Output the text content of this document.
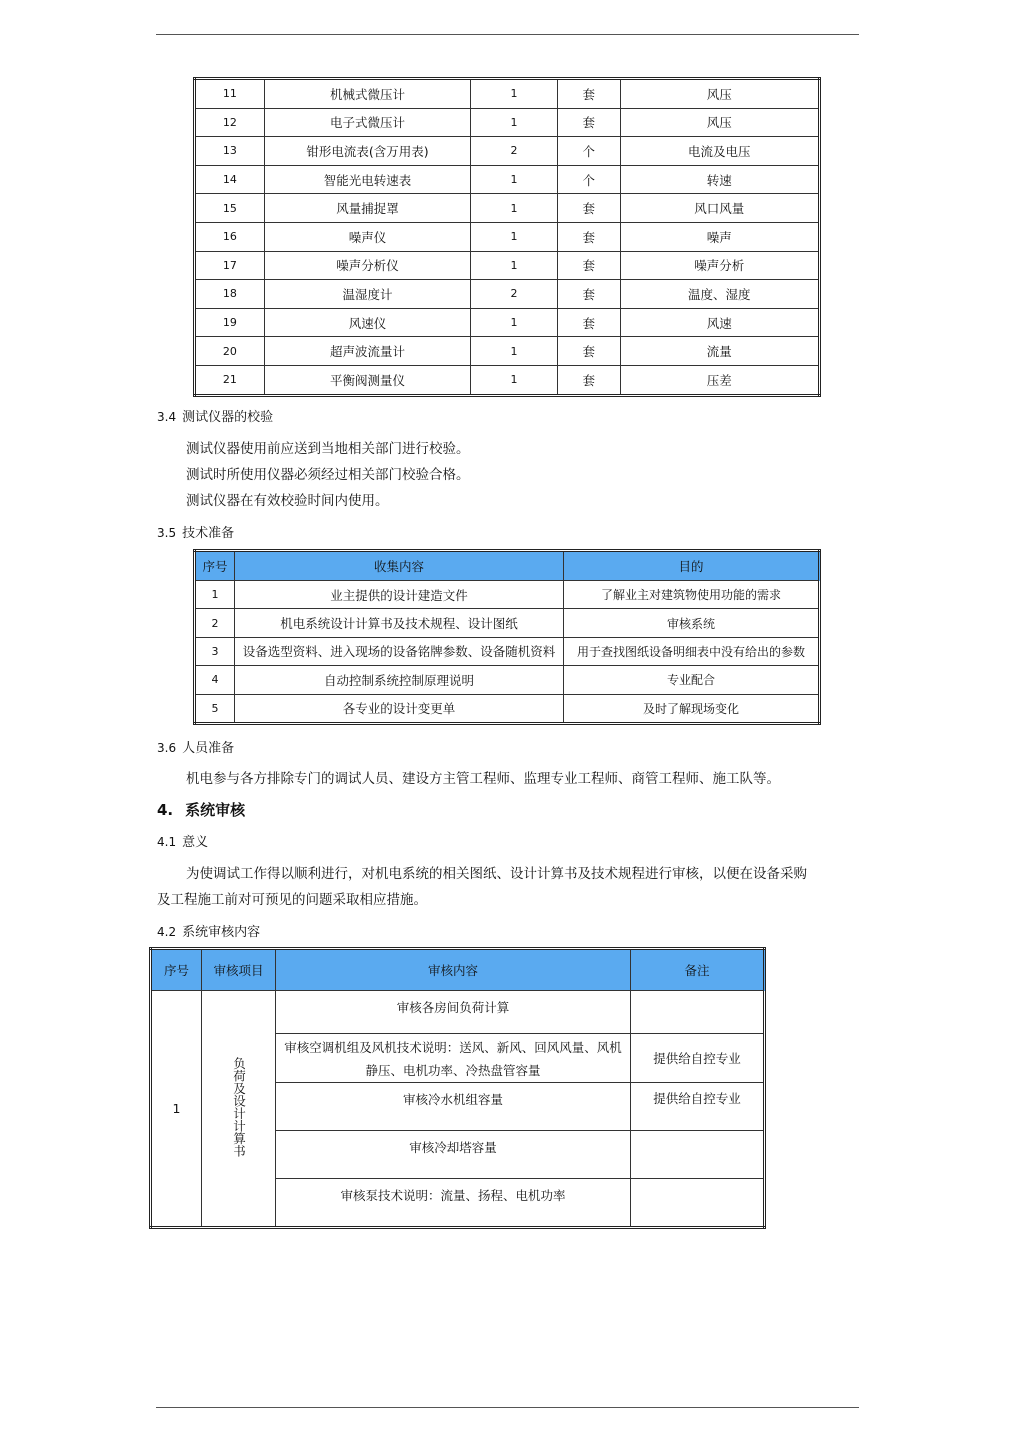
11	机械式微压计	1	套	风压
12	电子式微压计	1	套	风压
13	钳形电流表(含万用表)	2	个	电流及电压
14	智能光电转速表	1	个	转速
15	风量捕捉罩	1	套	风口风量
16	噪声仪	1	套	噪声
17	噪声分析仪	1	套	噪声分析
18	温湿度计	2	套	温度、湿度
19	风速仪	1	套	风速
20	超声波流量计	1	套	流量
21	平衡阀测量仪	1	套	压差
3.4 测试仪器的校验
测试仪器使用前应送到当地相关部门进行校验。
测试时所使用仪器必须经过相关部门校验合格。
测试仪器在有效校验时间内使用。
3.5 技术准备
序号	收集内容	目的
1	业主提供的设计建造文件	了解业主对建筑物使用功能的需求
2	机电系统设计计算书及技术规程、设计图纸	审核系统
3	设备选型资料、进入现场的设备铭牌参数、设备随机资料	用于查找图纸设备明细表中没有给出的参数
4	自动控制系统控制原理说明	专业配合
5	各专业的设计变更单	及时了解现场变化
3.6 人员准备
机电参与各方排除专门的调试人员、建设方主管工程师、监理专业工程师、商管工程师、施工队等。
4. 系统审核
4.1 意义
为使调试工作得以顺利进行，对机电系统的相关图纸、设计计算书及技术规程进行审核，以便在设备采购
及工程施工前对可预见的问题采取相应措施。
4.2 系统审核内容
序号	审核项目	审核内容	备注
1	负荷及设计计算书	审核各房间负荷计算	

		审核空调机组及风机技术说明：送风、新风、回风风量、风机
静压、电机功率、冷热盘管容量	提供给自控专业
		审核冷水机组容量	提供给自控专业
		审核冷却塔容量	
		审核泵技术说明：流量、扬程、电机功率	
